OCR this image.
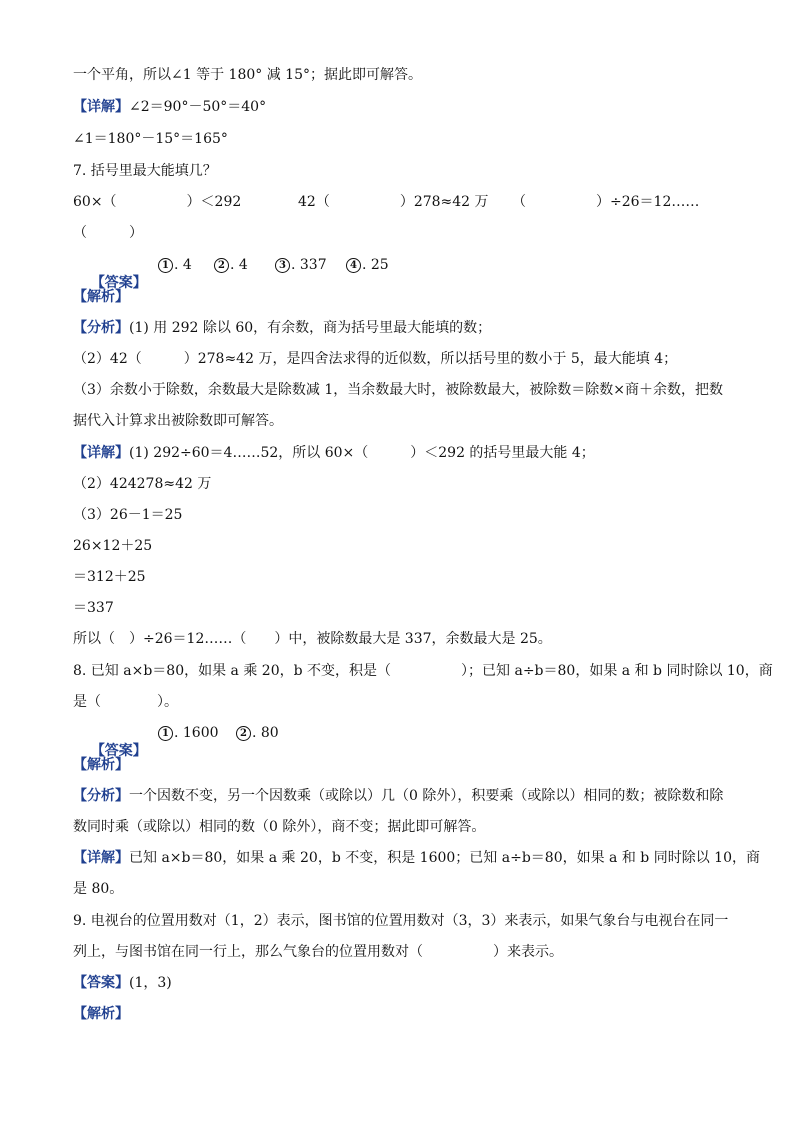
一个平角，所以∠1 等于 180° 减 15°；据此即可解答。
【详解】∠2＝90°－50°＝40°
∠1＝180°－15°＝165°
7. 括号里最大能填几？
60×（　　　　　）＜292	42（　　　　　）278≈42 万 （　　　　　）÷26＝12……
（　　　）

【答案】

1 . 4	2 . 4	3 . 337	4 . 25
【解析】
【分析】(1) 用 292 除以 60，有余数，商为括号里最大能填的数；
（2）42（　　　）278≈42 万，是四舍法求得的近似数，所以括号里的数小于 5，最大能填 4；
（3）余数小于除数，余数最大是除数减 1，当余数最大时，被除数最大，被除数＝除数×商＋余数，把数
据代入计算求出被除数即可解答。
【详解】(1) 292÷60＝4……52，所以 60×（　　　）＜292 的括号里最大能 4；
（2）424278≈42 万
（3）26－1＝25
26×12＋25
＝312＋25
＝337
所以（　）÷26＝12……（　　）中，被除数最大是 337，余数最大是 25。
8. 已知 a×b＝80，如果 a 乘 20，b 不变，积是（　　　　　）；已知 a÷b＝80，如果 a 和 b 同时除以 10，商
是（　　　　）。

【答案】

1 . 1600	2 . 80
【解析】
【分析】一个因数不变，另一个因数乘（或除以）几（0 除外），积要乘（或除以）相同的数；被除数和除
数同时乘（或除以）相同的数（0 除外），商不变；据此即可解答。
【详解】已知 a×b＝80，如果 a 乘 20，b 不变，积是 1600；已知 a÷b＝80，如果 a 和 b 同时除以 10，商
是 80。
9. 电视台的位置用数对（1，2）表示，图书馆的位置用数对（3，3）来表示，如果气象台与电视台在同一
列上，与图书馆在同一行上，那么气象台的位置用数对（　　　　　）来表示。
【答案】(1，3)
【解析】
